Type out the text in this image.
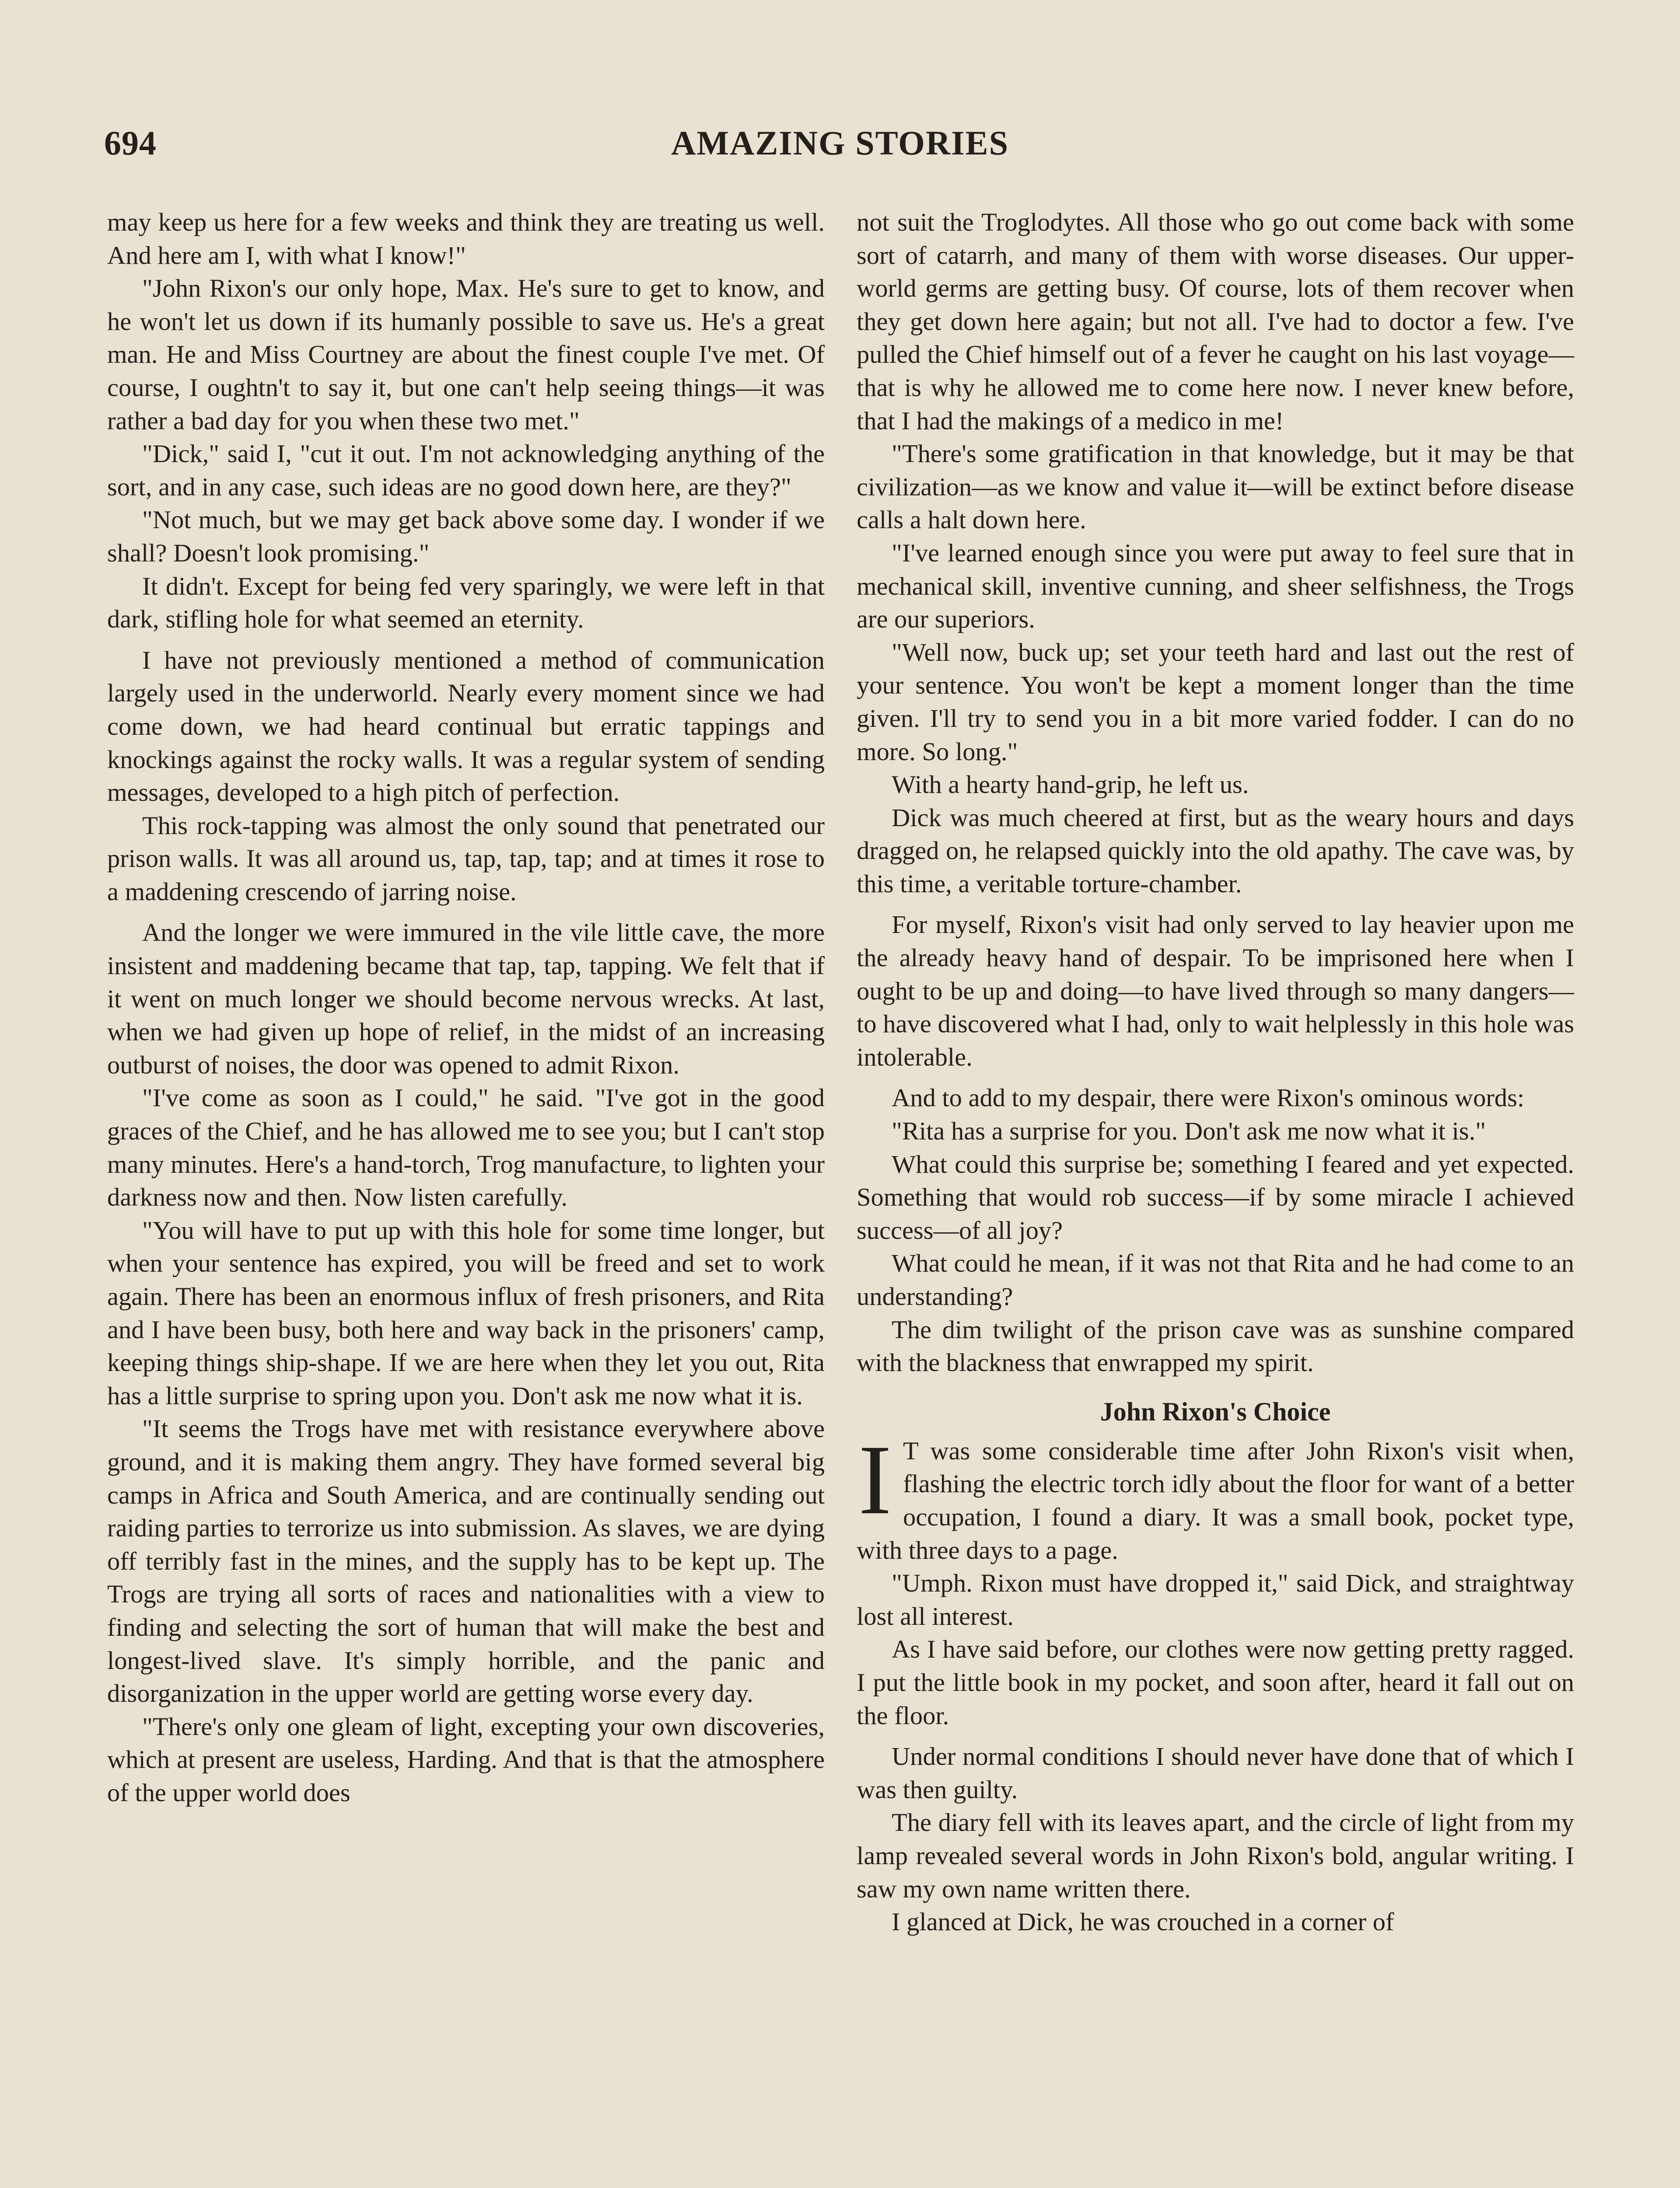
694	AMAZING STORIES

may keep us here for a few weeks and think they are treating us well. And here am I, with what I know!"

"John Rixon's our only hope, Max. He's sure to get to know, and he won't let us down if its humanly possible to save us. He's a great man. He and Miss Courtney are about the finest couple I've met. Of course, I oughtn't to say it, but one can't help seeing things—it was rather a bad day for you when these two met."

"Dick," said I, "cut it out. I'm not acknowledging anything of the sort, and in any case, such ideas are no good down here, are they?"

"Not much, but we may get back above some day. I wonder if we shall? Doesn't look promising."

It didn't. Except for being fed very sparingly, we were left in that dark, stifling hole for what seemed an eternity.

I have not previously mentioned a method of communication largely used in the underworld. Nearly every moment since we had come down, we had heard continual but erratic tappings and knockings against the rocky walls. It was a regular system of sending messages, developed to a high pitch of perfection.

This rock-tapping was almost the only sound that penetrated our prison walls. It was all around us, tap, tap, tap; and at times it rose to a maddening crescendo of jarring noise.

And the longer we were immured in the vile little cave, the more insistent and maddening became that tap, tap, tapping. We felt that if it went on much longer we should become nervous wrecks. At last, when we had given up hope of relief, in the midst of an increasing outburst of noises, the door was opened to admit Rixon.

"I've come as soon as I could," he said. "I've got in the good graces of the Chief, and he has allowed me to see you; but I can't stop many minutes. Here's a hand-torch, Trog manufacture, to lighten your darkness now and then. Now listen carefully.

"You will have to put up with this hole for some time longer, but when your sentence has expired, you will be freed and set to work again. There has been an enormous influx of fresh prisoners, and Rita and I have been busy, both here and way back in the prisoners' camp, keeping things ship-shape. If we are here when they let you out, Rita has a little surprise to spring upon you. Don't ask me now what it is.

"It seems the Trogs have met with resistance everywhere above ground, and it is making them angry. They have formed several big camps in Africa and South America, and are continually sending out raiding parties to terrorize us into submission. As slaves, we are dying off terribly fast in the mines, and the supply has to be kept up. The Trogs are trying all sorts of races and nationalities with a view to finding and selecting the sort of human that will make the best and longest-lived slave. It's simply horrible, and the panic and disorganization in the upper world are getting worse every day.

"There's only one gleam of light, excepting your own discoveries, which at present are useless, Harding. And that is that the atmosphere of the upper world does

not suit the Troglodytes. All those who go out come back with some sort of catarrh, and many of them with worse diseases. Our upper-world germs are getting busy. Of course, lots of them recover when they get down here again; but not all. I've had to doctor a few. I've pulled the Chief himself out of a fever he caught on his last voyage—that is why he allowed me to come here now. I never knew before, that I had the makings of a medico in me!

"There's some gratification in that knowledge, but it may be that civilization—as we know and value it—will be extinct before disease calls a halt down here.

"I've learned enough since you were put away to feel sure that in mechanical skill, inventive cunning, and sheer selfishness, the Trogs are our superiors.

"Well now, buck up; set your teeth hard and last out the rest of your sentence. You won't be kept a moment longer than the time given. I'll try to send you in a bit more varied fodder. I can do no more. So long."

With a hearty hand-grip, he left us.

Dick was much cheered at first, but as the weary hours and days dragged on, he relapsed quickly into the old apathy. The cave was, by this time, a veritable torture-chamber.

For myself, Rixon's visit had only served to lay heavier upon me the already heavy hand of despair. To be imprisoned here when I ought to be up and doing—to have lived through so many dangers—to have discovered what I had, only to wait helplessly in this hole was intolerable.

And to add to my despair, there were Rixon's ominous words:

"Rita has a surprise for you. Don't ask me now what it is."

What could this surprise be; something I feared and yet expected. Something that would rob success—if by some miracle I achieved success—of all joy?

What could he mean, if it was not that Rita and he had come to an understanding?

The dim twilight of the prison cave was as sunshine compared with the blackness that enwrapped my spirit.

John Rixon's Choice

I T was some considerable time after John Rixon's visit when, flashing the electric torch idly about the floor for want of a better occupation, I found a diary. It was a small book, pocket type, with three days to a page.

"Umph. Rixon must have dropped it," said Dick, and straightway lost all interest.

As I have said before, our clothes were now getting pretty ragged. I put the little book in my pocket, and soon after, heard it fall out on the floor.

Under normal conditions I should never have done that of which I was then guilty.

The diary fell with its leaves apart, and the circle of light from my lamp revealed several words in John Rixon's bold, angular writing. I saw my own name written there.

I glanced at Dick, he was crouched in a corner of
